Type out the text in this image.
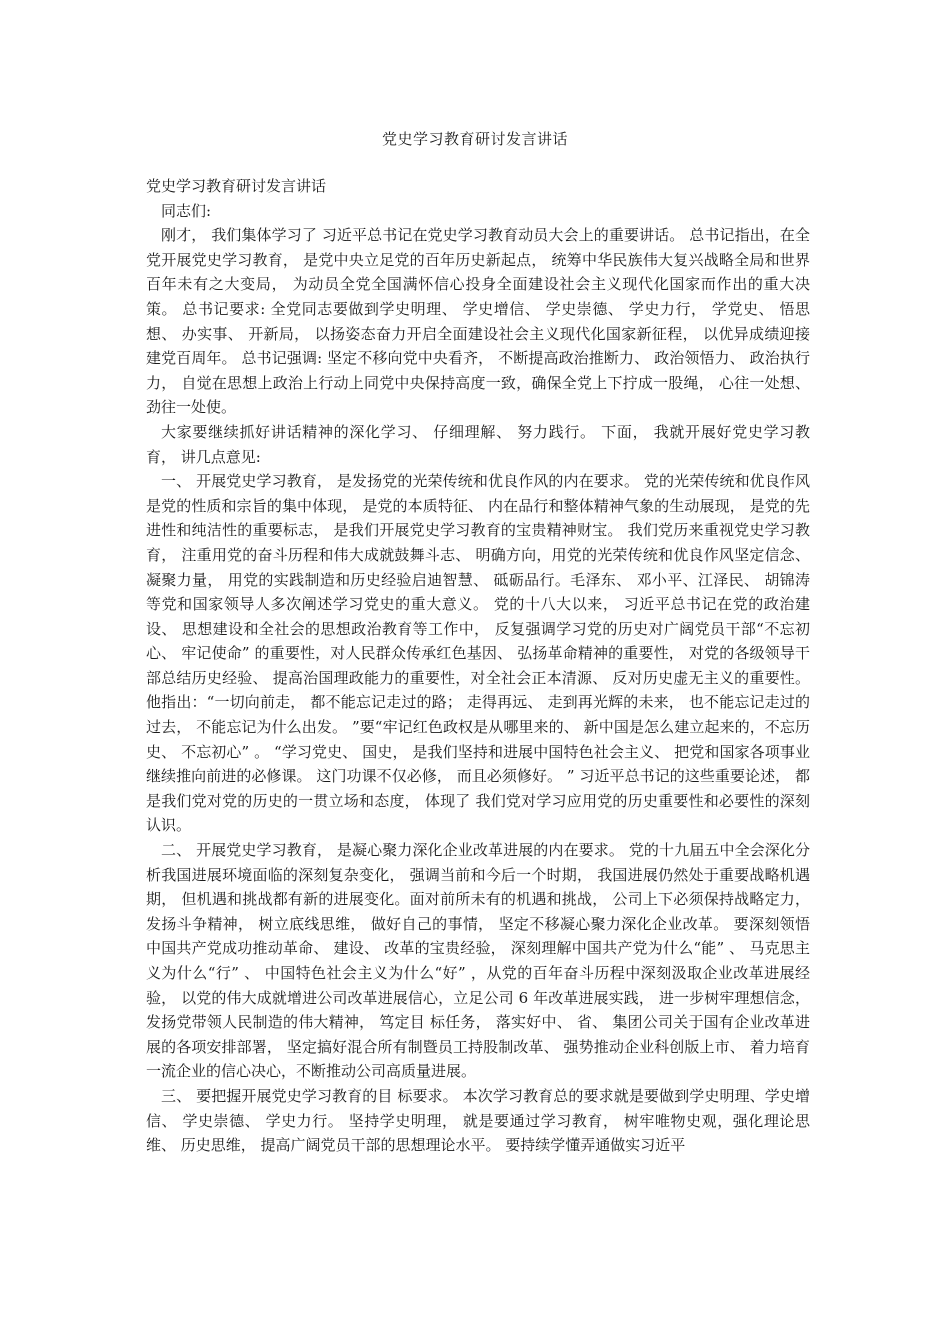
党史学习教育研讨发言讲话

党史学习教育研讨发言讲话

同志们:

刚才， 我们集体学习了 习近平总书记在党史学习教育动员大会上的重要讲话。 总书记指出，在全党开展党史学习教育， 是党中央立足党的百年历史新起点， 统筹中华民族伟大复兴战略全局和世界百年未有之大变局， 为动员全党全国满怀信心投身全面建设社会主义现代化国家而作出的重大决策。 总书记要求: 全党同志要做到学史明理、 学史增信、 学史崇德、 学史力行， 学党史、 悟思想、 办实事、 开新局， 以扬姿态奋力开启全面建设社会主义现代化国家新征程， 以优异成绩迎接建党百周年。 总书记强调: 坚定不移向党中央看齐， 不断提高政治推断力、 政治领悟力、 政治执行力， 自觉在思想上政治上行动上同党中央保持高度一致，确保全党上下拧成一股绳， 心往一处想、 劲往一处使。

大家要继续抓好讲话精神的深化学习、 仔细理解、 努力践行。 下面， 我就开展好党史学习教育， 讲几点意见:

一、 开展党史学习教育， 是发扬党的光荣传统和优良作风的内在要求。 党的光荣传统和优良作风是党的性质和宗旨的集中体现， 是党的本质特征、 内在品行和整体精神气象的生动展现， 是党的先进性和纯洁性的重要标志， 是我们开展党史学习教育的宝贵精神财宝。 我们党历来重视党史学习教育， 注重用党的奋斗历程和伟大成就鼓舞斗志、 明确方向，用党的光荣传统和优良作风坚定信念、 凝聚力量， 用党的实践制造和历史经验启迪智慧、 砥砺品行。毛泽东、 邓小平、江泽民、 胡锦涛等党和国家领导人多次阐述学习党史的重大意义。 党的十八大以来， 习近平总书记在党的政治建设、 思想建设和全社会的思想政治教育等工作中， 反复强调学习党的历史对广阔党员干部“不忘初心、 牢记使命” 的重要性，对人民群众传承红色基因、 弘扬革命精神的重要性， 对党的各级领导干部总结历史经验、 提高治国理政能力的重要性，对全社会正本清源、 反对历史虚无主义的重要性。 他指出：“一切向前走， 都不能忘记走过的路； 走得再远、 走到再光辉的未来， 也不能忘记走过的过去， 不能忘记为什么出发。 ”要“牢记红色政权是从哪里来的、 新中国是怎么建立起来的，不忘历史、 不忘初心” 。 “学习党史、 国史， 是我们坚持和进展中国特色社会主义、 把党和国家各项事业继续推向前进的必修课。 这门功课不仅必修， 而且必须修好。 ” 习近平总书记的这些重要论述， 都是我们党对党的历史的一贯立场和态度， 体现了 我们党对学习应用党的历史重要性和必要性的深刻认识。

二、 开展党史学习教育， 是凝心聚力深化企业改革进展的内在要求。 党的十九届五中全会深化分析我国进展环境面临的深刻复杂变化， 强调当前和今后一个时期， 我国进展仍然处于重要战略机遇期， 但机遇和挑战都有新的进展变化。面对前所未有的机遇和挑战， 公司上下必须保持战略定力，发扬斗争精神， 树立底线思维， 做好自己的事情， 坚定不移凝心聚力深化企业改革。 要深刻领悟中国共产党成功推动革命、 建设、 改革的宝贵经验， 深刻理解中国共产党为什么“能” 、 马克思主义为什么“行” 、 中国特色社会主义为什么“好” ，从党的百年奋斗历程中深刻汲取企业改革进展经验， 以党的伟大成就增进公司改革进展信心，立足公司 6 年改革进展实践， 进一步树牢理想信念， 发扬党带领人民制造的伟大精神， 笃定目 标任务， 落实好中、 省、 集团公司关于国有企业改革进展的各项安排部署， 坚定搞好混合所有制暨员工持股制改革、 强势推动企业科创版上市、 着力培育一流企业的信心决心，不断推动公司高质量进展。

三、 要把握开展党史学习教育的目 标要求。 本次学习教育总的要求就是要做到学史明理、学史增信、 学史崇德、 学史力行。 坚持学史明理， 就是要通过学习教育， 树牢唯物史观，强化理论思维、 历史思维， 提高广阔党员干部的思想理论水平。 要持续学懂弄通做实习近平
